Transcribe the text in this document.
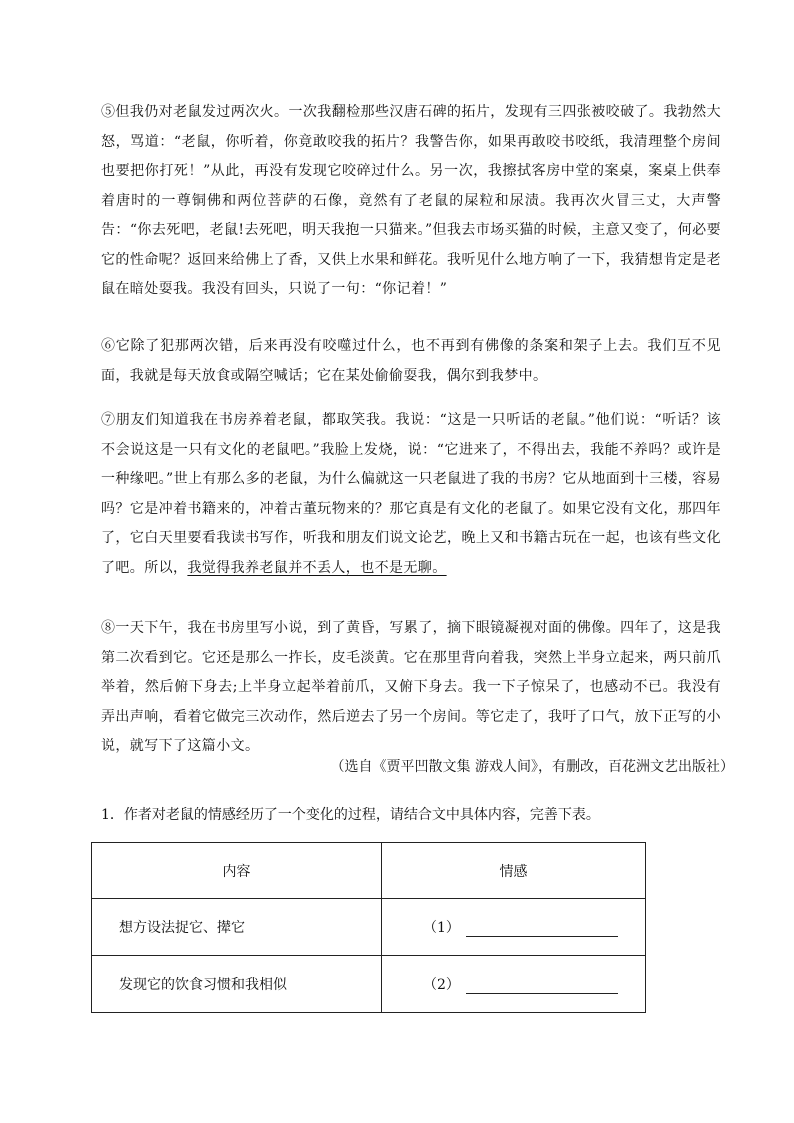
⑤但我仍对老鼠发过两次火。一次我翻检那些汉唐石碑的拓片，发现有三四张被咬破了。我勃然大怒，骂道：“老鼠，你听着，你竟敢咬我的拓片？我警告你，如果再敢咬书咬纸，我清理整个房间也要把你打死！”从此，再没有发现它咬碎过什么。另一次，我擦拭客房中堂的案桌，案桌上供奉着唐时的一尊铜佛和两位菩萨的石像，竟然有了老鼠的屎粒和尿渍。我再次火冒三丈，大声警告：“你去死吧，老鼠!去死吧，明天我抱一只猫来。”但我去市场买猫的时候，主意又变了，何必要它的性命呢？返回来给佛上了香，又供上水果和鲜花。我听见什么地方响了一下，我猜想肯定是老鼠在暗处耍我。我没有回头，只说了一句：“你记着！”

⑥它除了犯那两次错，后来再没有咬噬过什么，也不再到有佛像的条案和架子上去。我们互不见面，我就是每天放食或隔空喊话；它在某处偷偷耍我，偶尔到我梦中。

⑦朋友们知道我在书房养着老鼠，都取笑我。我说：“这是一只听话的老鼠。”他们说：“听话？该不会说这是一只有文化的老鼠吧。”我脸上发烧，说：“它进来了，不得出去，我能不养吗？或许是一种缘吧。”世上有那么多的老鼠，为什么偏就这一只老鼠进了我的书房？它从地面到十三楼，容易吗？它是冲着书籍来的，冲着古董玩物来的？那它真是有文化的老鼠了。如果它没有文化，那四年了，它白天里要看我读书写作，听我和朋友们说文论艺，晚上又和书籍古玩在一起，也该有些文化了吧。所以，我觉得我养老鼠并不丢人，也不是无聊。

⑧一天下午，我在书房里写小说，到了黄昏，写累了，摘下眼镜凝视对面的佛像。四年了，这是我第二次看到它。它还是那么一拃长，皮毛淡黄。它在那里背向着我，突然上半身立起来，两只前爪举着，然后俯下身去;上半身立起举着前爪，又俯下身去。我一下子惊呆了，也感动不已。我没有弄出声响，看着它做完三次动作，然后逆去了另一个房间。等它走了，我吁了口气，放下正写的小说，就写下了这篇小文。

（选自《贾平凹散文集 游戏人间》，有删改，百花洲文艺出版社）
1．作者对老鼠的情感经历了一个变化的过程，请结合文中具体内容，完善下表。
内容	情感
想方设法捉它、撵它	（1）
发现它的饮食习惯和我相似	（2）
